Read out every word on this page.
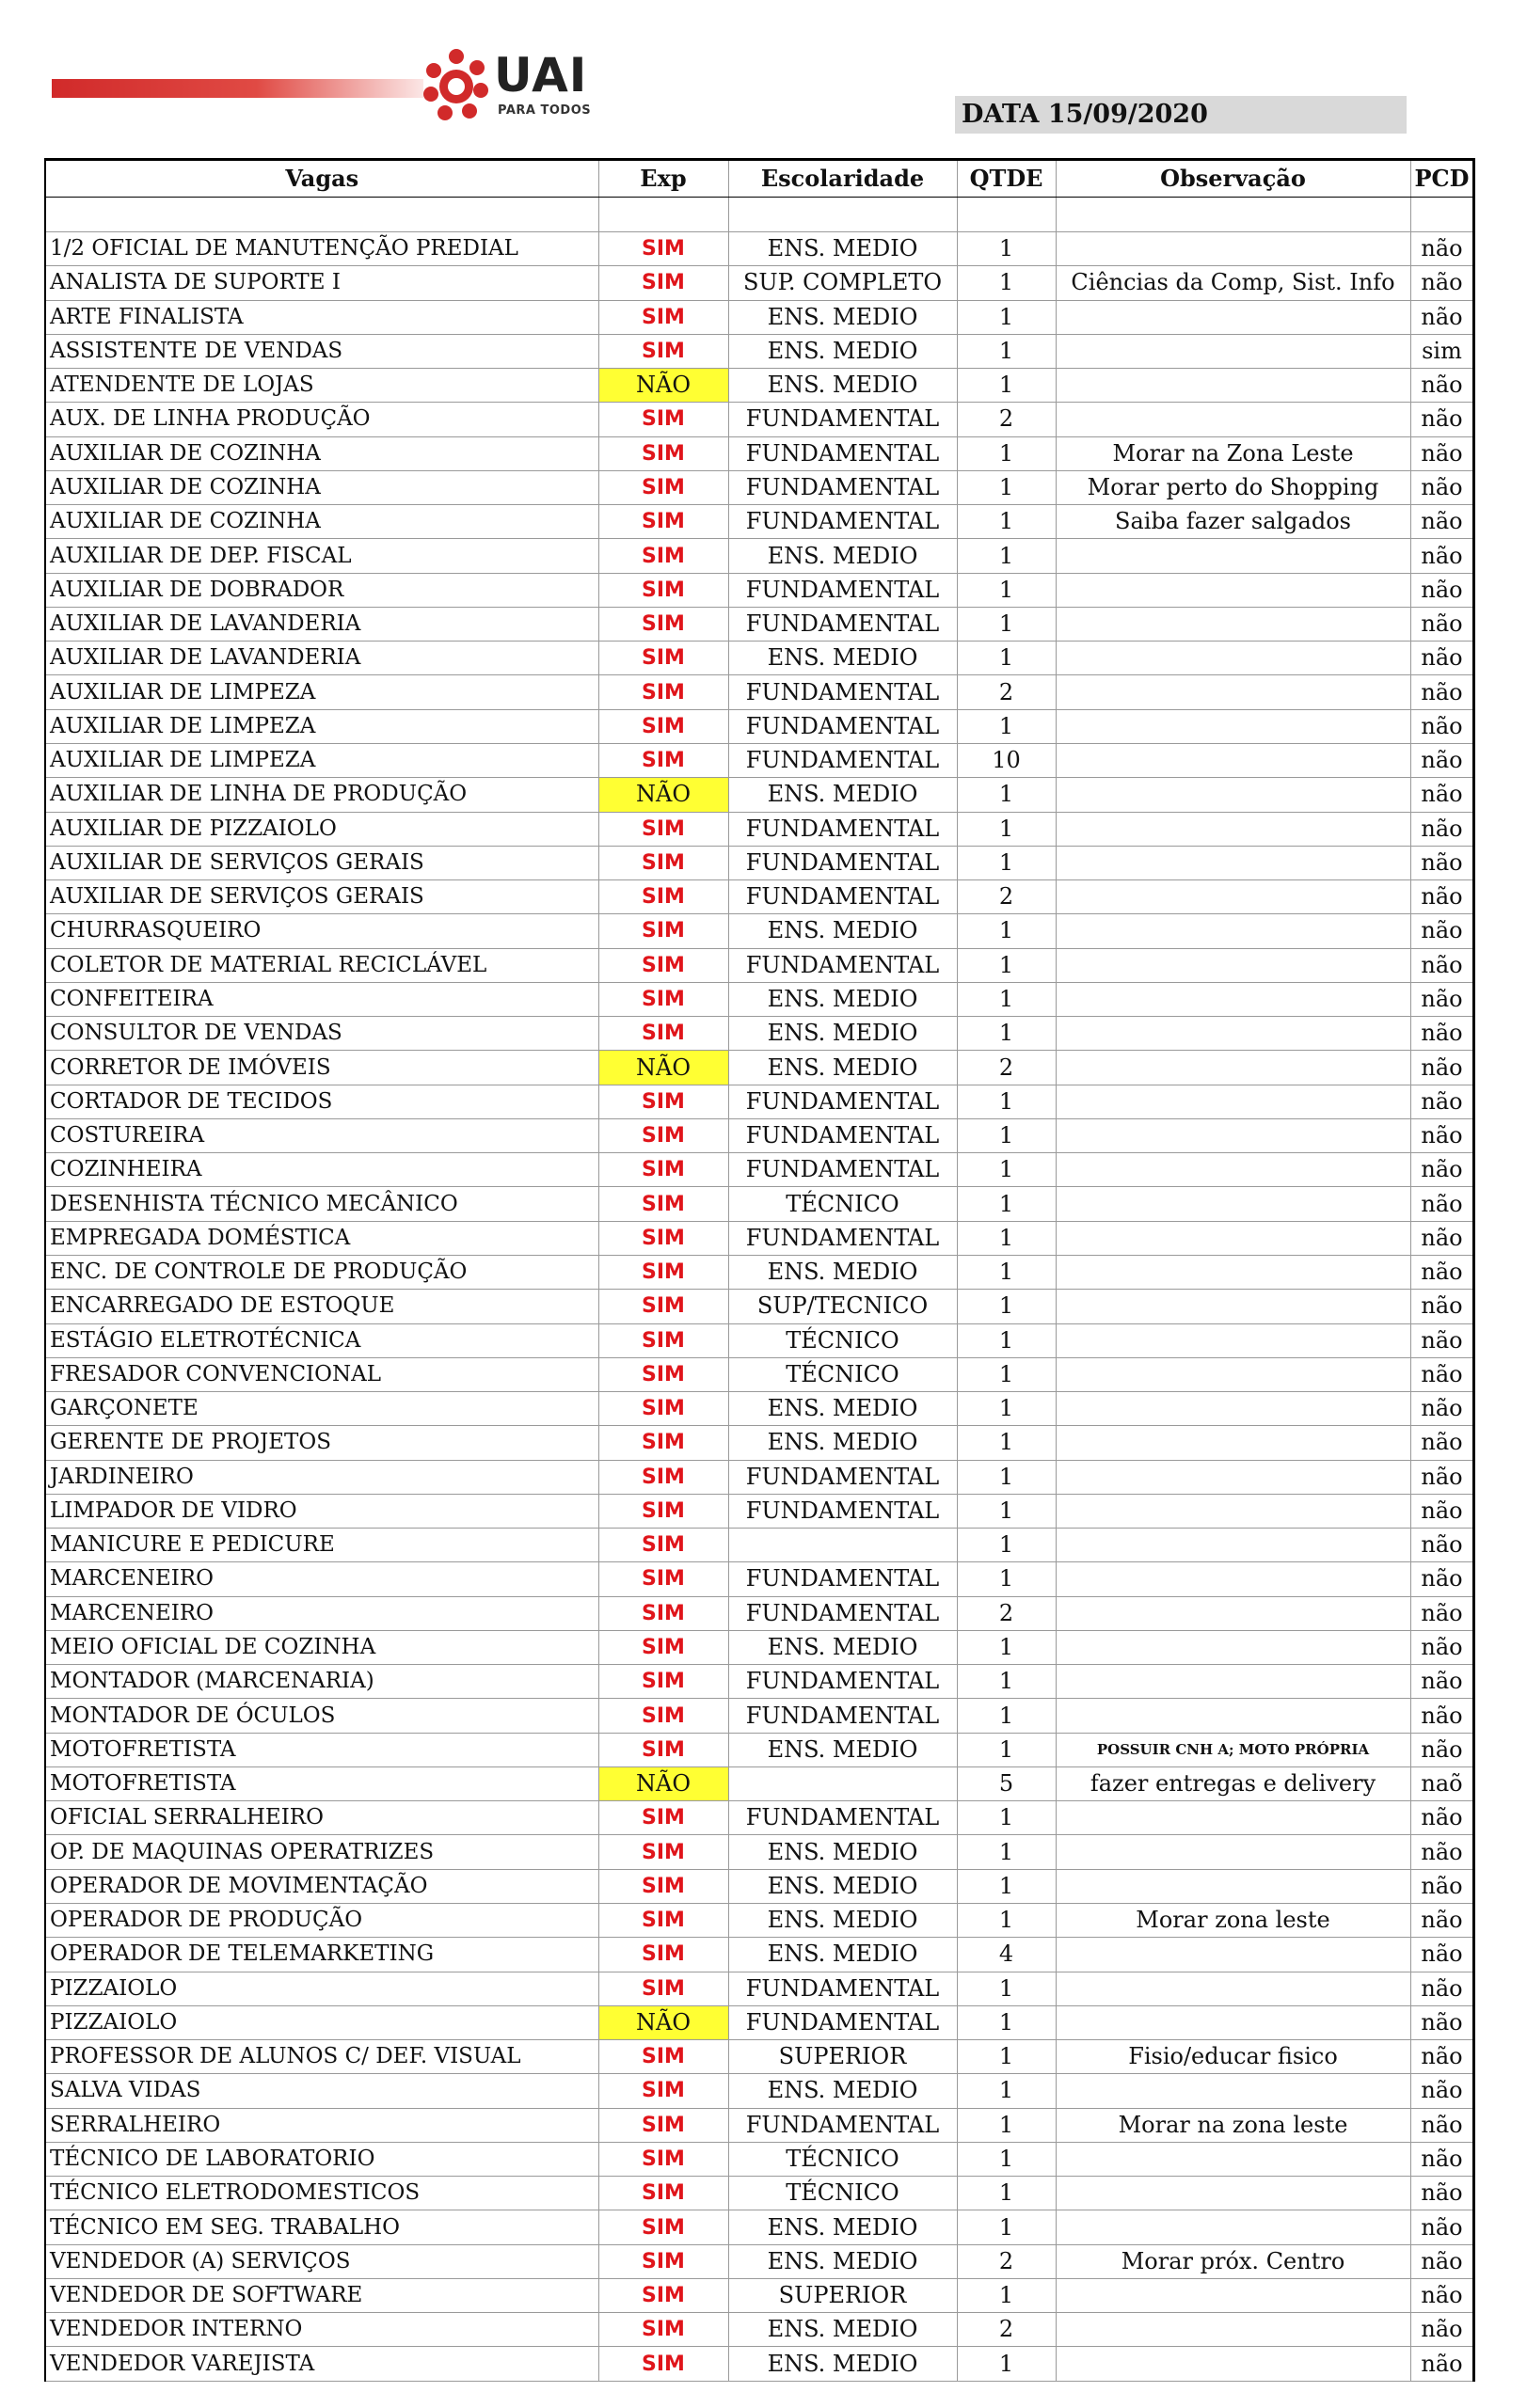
UAI
PARA TODOS	DATA 15/09/2020
Vagas	Exp	Escolaridade	QTDE	Observação	PCD

1/2 OFICIAL DE MANUTENÇÃO PREDIAL	SIM	ENS. MEDIO	1		não
ANALISTA DE SUPORTE I	SIM	SUP. COMPLETO	1	Ciências da Comp, Sist. Info	não
ARTE FINALISTA	SIM	ENS. MEDIO	1		não
ASSISTENTE DE VENDAS	SIM	ENS. MEDIO	1		sim
ATENDENTE DE LOJAS	NÃO	ENS. MEDIO	1		não
AUX. DE LINHA PRODUÇÃO	SIM	FUNDAMENTAL	2		não
AUXILIAR DE COZINHA	SIM	FUNDAMENTAL	1	Morar na Zona Leste	não
AUXILIAR DE COZINHA	SIM	FUNDAMENTAL	1	Morar perto do Shopping	não
AUXILIAR DE COZINHA	SIM	FUNDAMENTAL	1	Saiba fazer salgados	não
AUXILIAR DE DEP. FISCAL	SIM	ENS. MEDIO	1		não
AUXILIAR DE DOBRADOR	SIM	FUNDAMENTAL	1		não
AUXILIAR DE LAVANDERIA	SIM	FUNDAMENTAL	1		não
AUXILIAR DE LAVANDERIA	SIM	ENS. MEDIO	1		não
AUXILIAR DE LIMPEZA	SIM	FUNDAMENTAL	2		não
AUXILIAR DE LIMPEZA	SIM	FUNDAMENTAL	1		não
AUXILIAR DE LIMPEZA	SIM	FUNDAMENTAL	10		não
AUXILIAR DE LINHA DE PRODUÇÃO	NÃO	ENS. MEDIO	1		não
AUXILIAR DE PIZZAIOLO	SIM	FUNDAMENTAL	1		não
AUXILIAR DE SERVIÇOS GERAIS	SIM	FUNDAMENTAL	1		não
AUXILIAR DE SERVIÇOS GERAIS	SIM	FUNDAMENTAL	2		não
CHURRASQUEIRO	SIM	ENS. MEDIO	1		não
COLETOR DE MATERIAL RECICLÁVEL	SIM	FUNDAMENTAL	1		não
CONFEITEIRA	SIM	ENS. MEDIO	1		não
CONSULTOR DE VENDAS	SIM	ENS. MEDIO	1		não
CORRETOR DE IMÓVEIS	NÃO	ENS. MEDIO	2		não
CORTADOR DE TECIDOS	SIM	FUNDAMENTAL	1		não
COSTUREIRA	SIM	FUNDAMENTAL	1		não
COZINHEIRA	SIM	FUNDAMENTAL	1		não
DESENHISTA TÉCNICO MECÂNICO	SIM	TÉCNICO	1		não
EMPREGADA DOMÉSTICA	SIM	FUNDAMENTAL	1		não
ENC. DE CONTROLE DE PRODUÇÃO	SIM	ENS. MEDIO	1		não
ENCARREGADO DE ESTOQUE	SIM	SUP/TECNICO	1		não
ESTÁGIO ELETROTÉCNICA	SIM	TÉCNICO	1		não
FRESADOR CONVENCIONAL	SIM	TÉCNICO	1		não
GARÇONETE	SIM	ENS. MEDIO	1		não
GERENTE DE PROJETOS	SIM	ENS. MEDIO	1		não
JARDINEIRO	SIM	FUNDAMENTAL	1		não
LIMPADOR DE VIDRO	SIM	FUNDAMENTAL	1		não
MANICURE E PEDICURE	SIM		1		não
MARCENEIRO	SIM	FUNDAMENTAL	1		não
MARCENEIRO	SIM	FUNDAMENTAL	2		não
MEIO OFICIAL DE COZINHA	SIM	ENS. MEDIO	1		não
MONTADOR (MARCENARIA)	SIM	FUNDAMENTAL	1		não
MONTADOR DE ÓCULOS	SIM	FUNDAMENTAL	1		não
MOTOFRETISTA	SIM	ENS. MEDIO	1	POSSUIR CNH A; MOTO PRÓPRIA	não
MOTOFRETISTA	NÃO		5	fazer entregas e delivery	naõ
OFICIAL SERRALHEIRO	SIM	FUNDAMENTAL	1		não
OP. DE MAQUINAS OPERATRIZES	SIM	ENS. MEDIO	1		não
OPERADOR DE MOVIMENTAÇÃO	SIM	ENS. MEDIO	1		não
OPERADOR DE PRODUÇÃO	SIM	ENS. MEDIO	1	Morar zona leste	não
OPERADOR DE TELEMARKETING	SIM	ENS. MEDIO	4		não
PIZZAIOLO	SIM	FUNDAMENTAL	1		não
PIZZAIOLO	NÃO	FUNDAMENTAL	1		não
PROFESSOR DE ALUNOS C/ DEF. VISUAL	SIM	SUPERIOR	1	Fisio/educar fisico	não
SALVA VIDAS	SIM	ENS. MEDIO	1		não
SERRALHEIRO	SIM	FUNDAMENTAL	1	Morar na zona leste	não
TÉCNICO DE LABORATORIO	SIM	TÉCNICO	1		não
TÉCNICO ELETRODOMESTICOS	SIM	TÉCNICO	1		não
TÉCNICO EM SEG. TRABALHO	SIM	ENS. MEDIO	1		não
VENDEDOR (A) SERVIÇOS	SIM	ENS. MEDIO	2	Morar próx. Centro	não
VENDEDOR DE SOFTWARE	SIM	SUPERIOR	1		não
VENDEDOR INTERNO	SIM	ENS. MEDIO	2		não
VENDEDOR VAREJISTA	SIM	ENS. MEDIO	1		não
